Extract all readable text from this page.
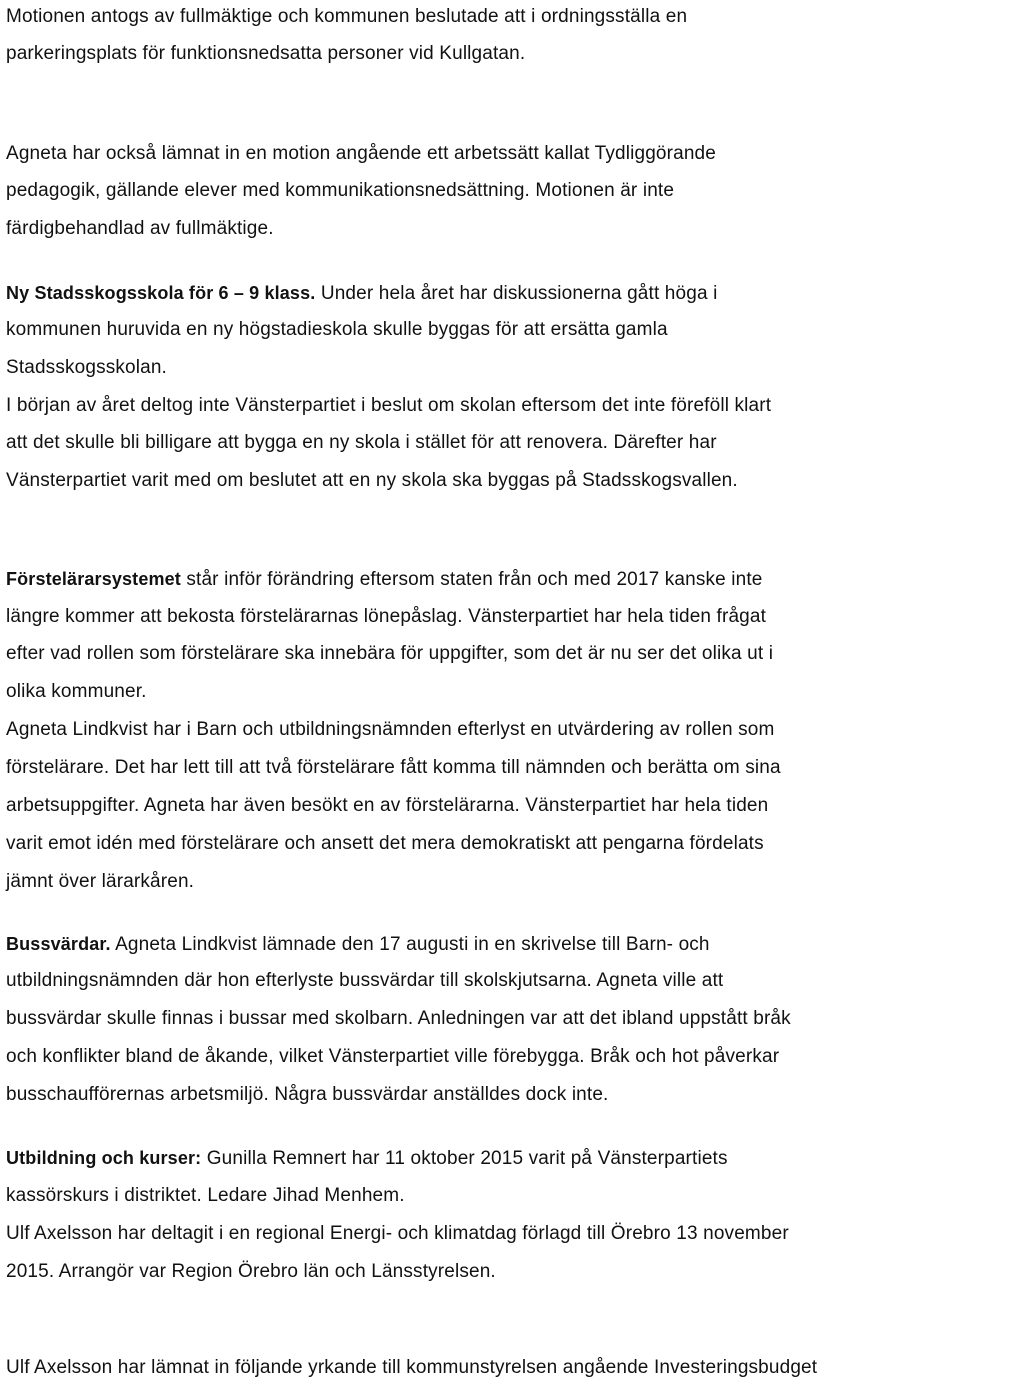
Motionen antogs av fullmäktige och kommunen beslutade att i ordningsställa en
parkeringsplats för funktionsnedsatta personer vid Kullgatan.
Agneta har också lämnat in en motion angående ett arbetssätt kallat Tydliggörande
pedagogik, gällande elever med kommunikationsnedsättning. Motionen är inte
färdigbehandlad av fullmäktige.
Ny Stadsskogsskola för 6 – 9 klass. Under hela året har diskussionerna gått höga i
kommunen huruvida en ny högstadieskola skulle byggas för att ersätta gamla
Stadsskogsskolan.
I början av året deltog inte Vänsterpartiet i beslut om skolan eftersom det inte föreföll klart
att det skulle bli billigare att bygga en ny skola i stället för att renovera. Därefter har
Vänsterpartiet varit med om beslutet att en ny skola ska byggas på Stadsskogsvallen.
Förstelärarsystemet står inför förändring eftersom staten från och med 2017 kanske inte
längre kommer att bekosta förstelärarnas lönepåslag. Vänsterpartiet har hela tiden frågat
efter vad rollen som förstelärare ska innebära för uppgifter, som det är nu ser det olika ut i
olika kommuner.
Agneta Lindkvist har i Barn och utbildningsnämnden efterlyst en utvärdering av rollen som
förstelärare. Det har lett till att två förstelärare fått komma till nämnden och berätta om sina
arbetsuppgifter. Agneta har även besökt en av förstelärarna. Vänsterpartiet har hela tiden
varit emot idén med förstelärare och ansett det mera demokratiskt att pengarna fördelats
jämnt över lärarkåren.
Bussvärdar. Agneta Lindkvist lämnade den 17 augusti in en skrivelse till Barn- och
utbildningsnämnden där hon efterlyste bussvärdar till skolskjutsarna. Agneta ville att
bussvärdar skulle finnas i bussar med skolbarn. Anledningen var att det ibland uppstått bråk
och konflikter bland de åkande, vilket Vänsterpartiet ville förebygga. Bråk och hot påverkar
busschaufförernas arbetsmiljö. Några bussvärdar anställdes dock inte.
Utbildning och kurser: Gunilla Remnert har 11 oktober 2015 varit på Vänsterpartiets
kassörskurs i distriktet. Ledare Jihad Menhem.
Ulf Axelsson har deltagit i en regional Energi- och klimatdag förlagd till Örebro 13 november
2015. Arrangör var Region Örebro län och Länsstyrelsen.
Ulf Axelsson har lämnat in följande yrkande till kommunstyrelsen angående Investeringsbudget
